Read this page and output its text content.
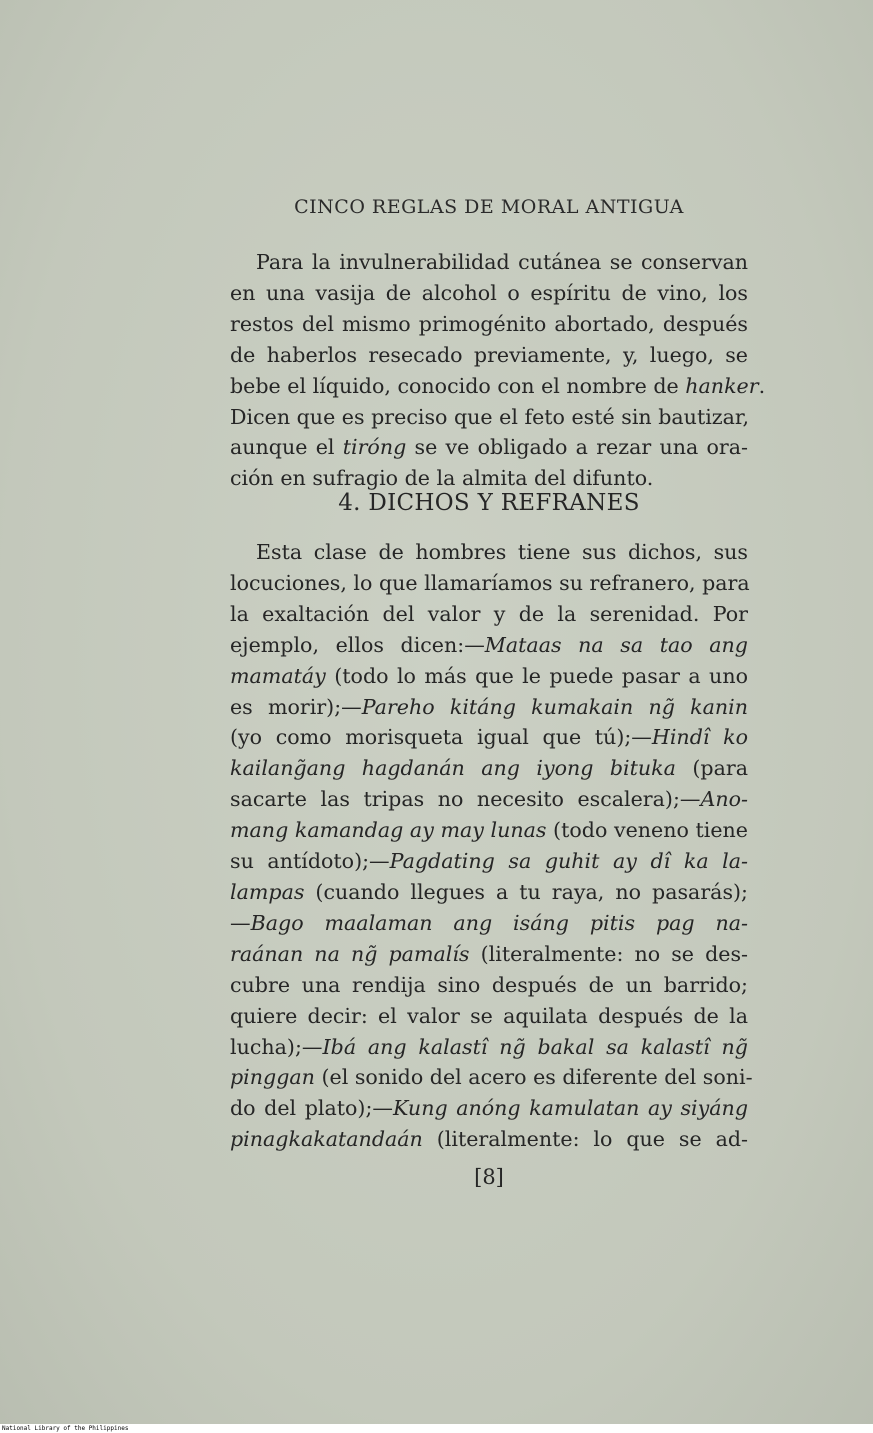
CINCO REGLAS DE MORAL ANTIGUA
Para la invulnerabilidad cutánea se conservan
en una vasija de alcohol o espíritu de vino, los
restos del mismo primogénito abortado, después
de haberlos resecado previamente, y, luego, se
bebe el líquido, conocido con el nombre de hanker.
Dicen que es preciso que el feto esté sin bautizar,
aunque el tiróng se ve obligado a rezar una ora-
ción en sufragio de la almita del difunto.
4. DICHOS Y REFRANES
Esta clase de hombres tiene sus dichos, sus
locuciones, lo que llamaríamos su refranero, para
la exaltación del valor y de la serenidad. Por
ejemplo, ellos dicen:—Mataas na sa tao ang
mamatáy (todo lo más que le puede pasar a uno
es morir);—Pareho kitáng kumakain ng̃ kanin
(yo como morisqueta igual que tú);—Hindî ko
kailang̃ang hagdanán ang iyong bituka (para
sacarte las tripas no necesito escalera);—Ano-
mang kamandag ay may lunas (todo veneno tiene
su antídoto);—Pagdating sa guhit ay dî ka la-
lampas (cuando llegues a tu raya, no pasarás);
—Bago maalaman ang isáng pitis pag na-
raánan na ng̃ pamalís (literalmente: no se des-
cubre una rendija sino después de un barrido;
quiere decir: el valor se aquilata después de la
lucha);—Ibá ang kalastî ng̃ bakal sa kalastî ng̃
pinggan (el sonido del acero es diferente del soni-
do del plato);—Kung anóng kamulatan ay siyáng
pinagkakatandaán (literalmente: lo que se ad-
[8]
National Library of the Philippines
